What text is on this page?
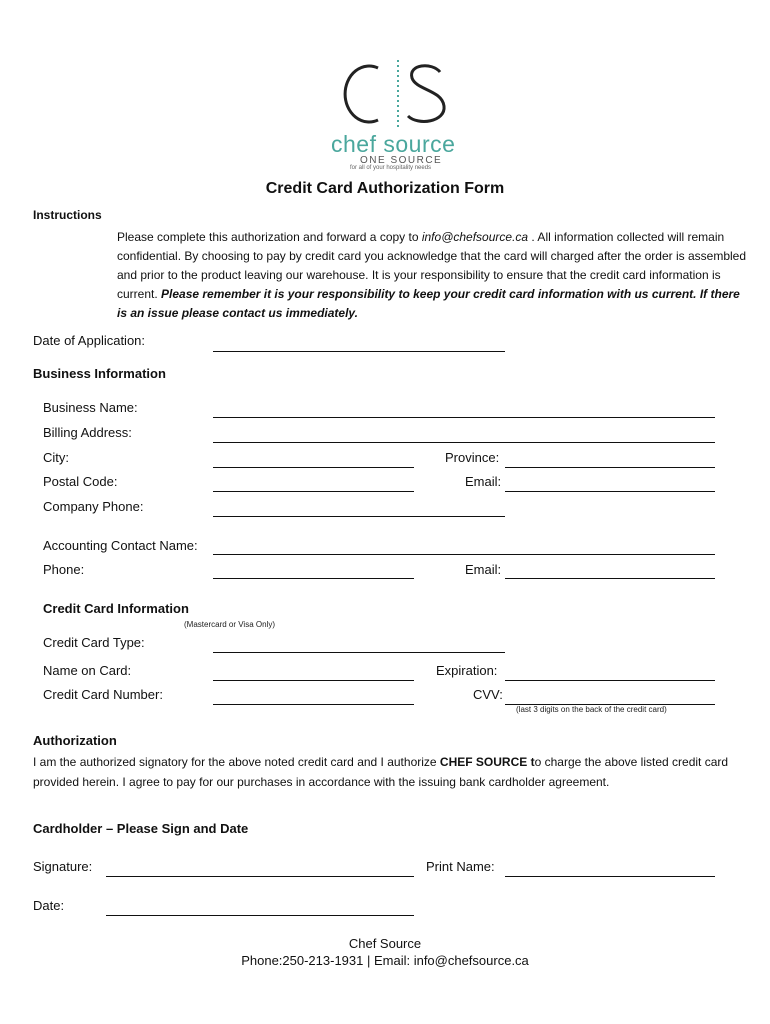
chef source
ONE SOURCE
for all of your hospitality needs
Credit Card Authorization Form
Instructions
Please complete this authorization and forward a copy to info@chefsource.ca . All information collected will remain confidential. By choosing to pay by credit card you acknowledge that the card will charged after the order is assembled and prior to the product leaving our warehouse. It is your responsibility to ensure that the credit card information is current. Please remember it is your responsibility to keep your credit card information with us current. If there is an issue please contact us immediately.
Date of Application:
Business Information
Business Name:
Billing Address:
City:	Province:
Postal Code:	Email:
Company Phone:
Accounting Contact Name:
Phone:	Email:
Credit Card Information
(Mastercard or Visa Only)
Credit Card Type:
Name on Card:	Expiration:
Credit Card Number:	CVV:
(last 3 digits on the back of the credit card)
Authorization
I am the authorized signatory for the above noted credit card and I authorize CHEF SOURCE to charge the above listed credit card provided herein. I agree to pay for our purchases in accordance with the issuing bank cardholder agreement.
Cardholder – Please Sign and Date
Signature:	Print Name:
Date:
Chef Source
Phone:250-213-1931 | Email: info@chefsource.ca
